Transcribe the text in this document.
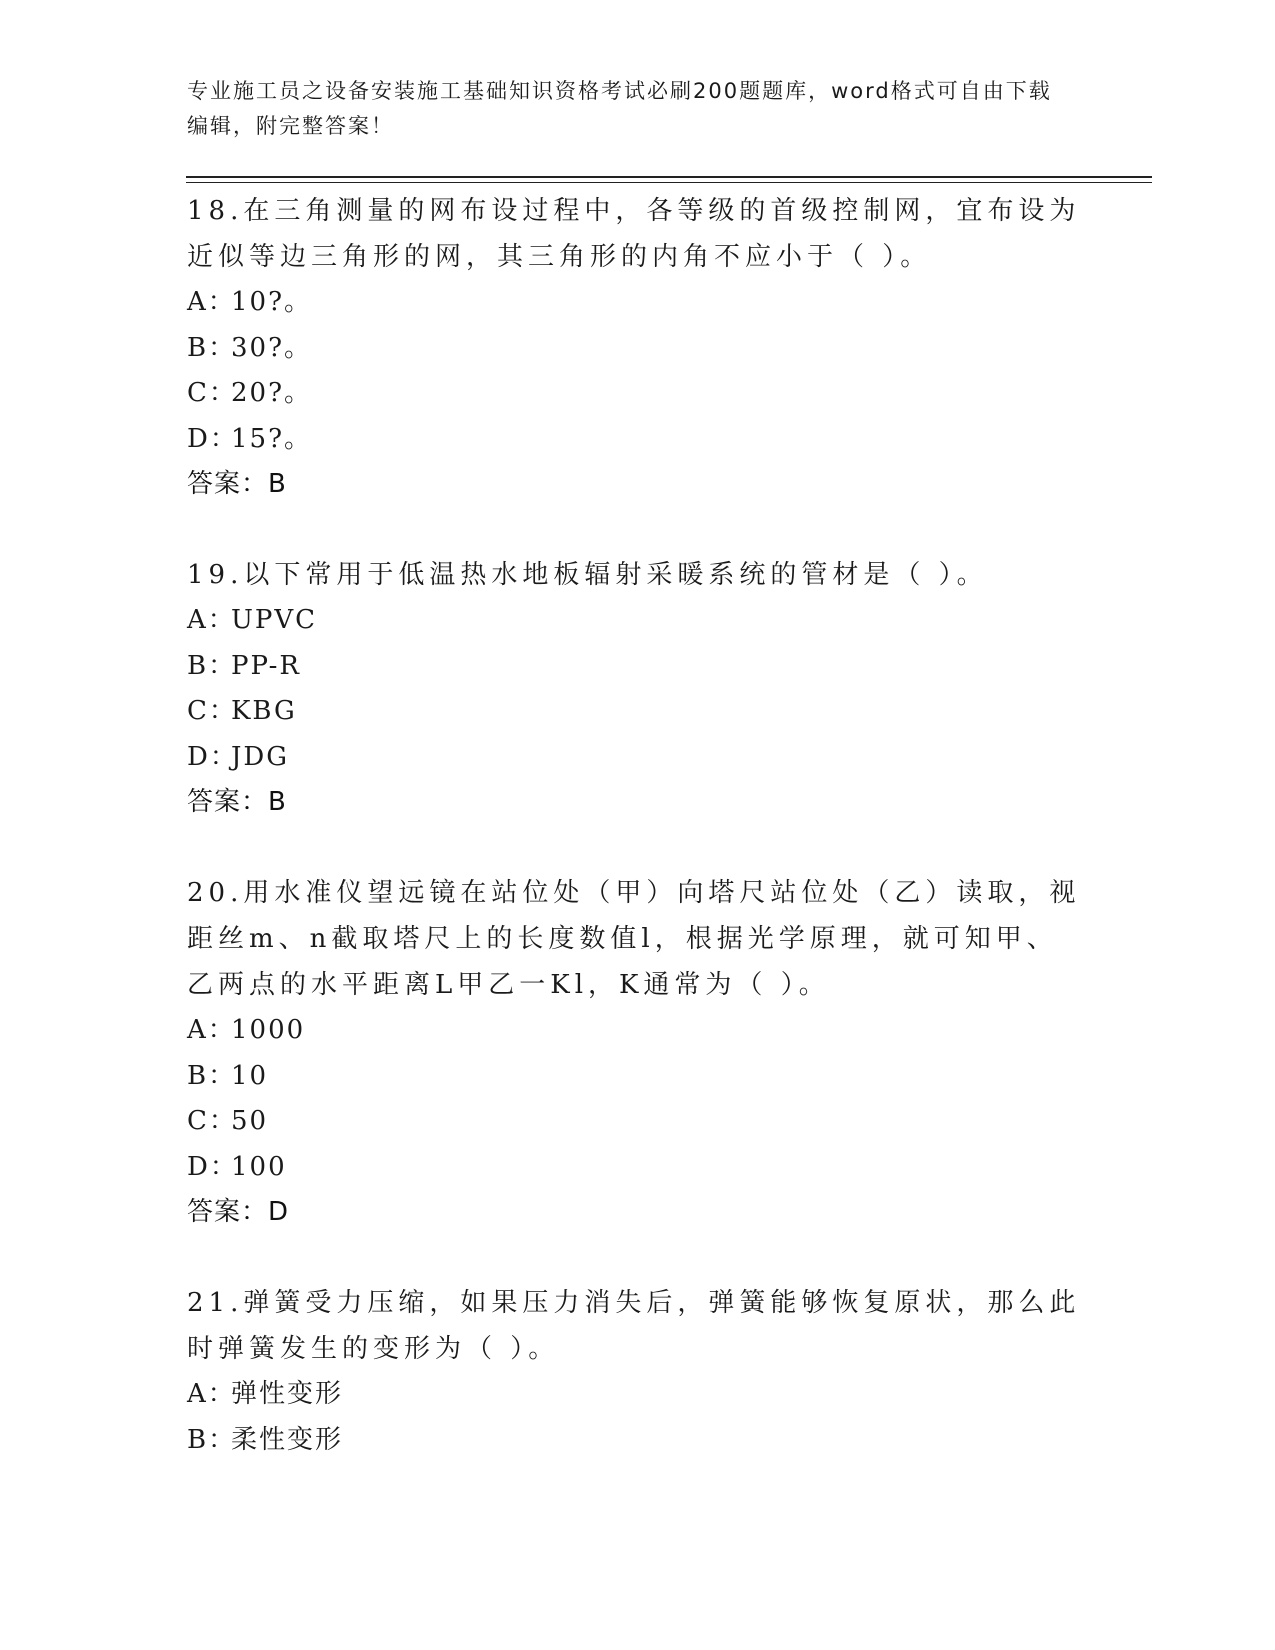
专业施工员之设备安装施工基础知识资格考试必刷200题题库，word格式可自由下载编辑，附完整答案！

18.在三角测量的网布设过程中，各等级的首级控制网，宜布设为近似等边三角形的网，其三角形的内角不应小于（ ）。

A：
10?。

B：
30?。

C：
20?。

D：
15?。

答案：B

19.以下常用于低温热水地板辐射采暖系统的管材是（ ）。

A：
UPVC

B：
PP-R

C：
KBG

D：
JDG

答案：B

20.用水准仪望远镜在站位处（甲）向塔尺站位处（乙）读取，视距丝m、n截取塔尺上的长度数值l，根据光学原理，就可知甲、乙两点的水平距离L甲乙一Kl，K通常为（ ）。

A：
1000

B：
10

C：
50

D：
100

答案：D

21.弹簧受力压缩，如果压力消失后，弹簧能够恢复原状，那么此时弹簧发生的变形为（ ）。

A：
弹性变形

B：
柔性变形
